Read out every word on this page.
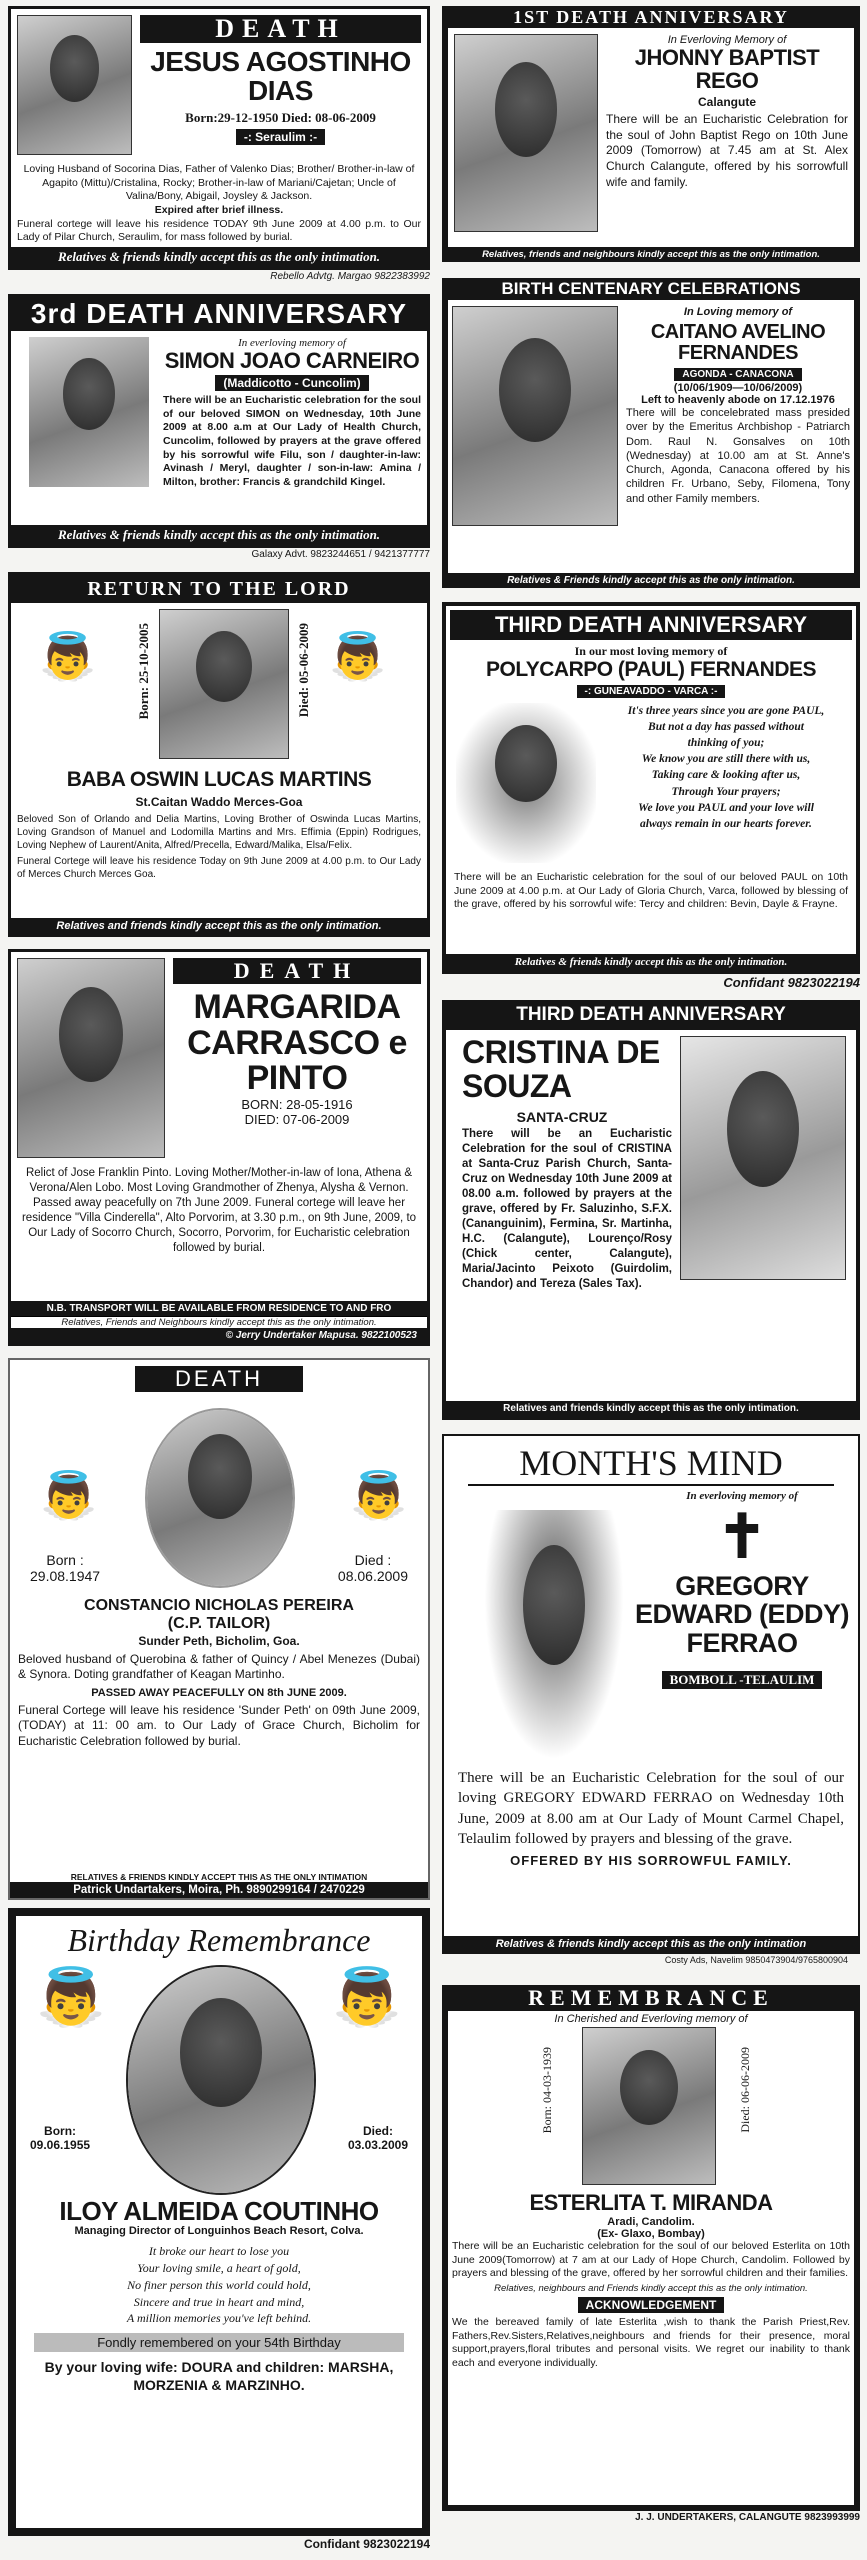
DEATH
JESUS AGOSTINHO DIAS
Born:29-12-1950 Died: 08-06-2009
-: Seraulim :-
Loving Husband of Socorina Dias, Father of Valenko Dias; Brother/ Brother-in-law of Agapito (Mittu)/Cristalina, Rocky; Brother-in-law of Mariani/Cajetan; Uncle of Valina/Bony, Abigail, Joysley & Jackson.
Expired after brief illness.
Funeral cortege will leave his residence TODAY 9th June 2009 at 4.00 p.m. to Our Lady of Pilar Church, Seraulim, for mass followed by burial.
Relatives & friends kindly accept this as the only intimation.
Rebello Advtg. Margao 9822383992
3rd DEATH ANNIVERSARY
In everloving memory of
SIMON JOAO CARNEIRO
(Maddicotto - Cuncolim)
There will be an Eucharistic celebration for the soul of our beloved SIMON on Wednesday, 10th June 2009 at 8.00 a.m at Our Lady of Health Church, Cuncolim, followed by prayers at the grave offered by his sorrowful wife Filu, son / daughter-in-law: Avinash / Meryl, daughter / son-in-law: Amina / Milton, brother: Francis & grandchild Kingel.
Relatives & friends kindly accept this as the only intimation.
Galaxy Advt. 9823244651 / 9421377777
RETURN TO THE LORD
👼	Born: 25-10-2005	Died: 05-06-2009 👼
BABA OSWIN LUCAS MARTINS
St.Caitan Waddo Merces-Goa
Beloved Son of Orlando and Delia Martins, Loving Brother of Oswinda Lucas Martins, Loving Grandson of Manuel and Lodomilla Martins and Mrs. Effimia (Eppin) Rodrigues, Loving Nephew of Laurent/Anita, Alfred/Precella, Edward/Malika, Elsa/Felix.
Funeral Cortege will leave his residence Today on 9th June 2009 at 4.00 p.m. to Our Lady of Merces Church Merces Goa.
Relatives and friends kindly accept this as the only intimation.
DEATH
MARGARIDA CARRASCO e PINTO
BORN: 28-05-1916
DIED: 07-06-2009
Relict of Jose Franklin Pinto. Loving Mother/Mother-in-law of Iona, Athena & Verona/Alen Lobo. Most Loving Grandmother of Zhenya, Alysha & Vernon. Passed away peacefully on 7th June 2009. Funeral cortege will leave her residence "Villa Cinderella", Alto Porvorim, at 3.30 p.m., on 9th June, 2009, to Our Lady of Socorro Church, Socorro, Porvorim, for Eucharistic celebration followed by burial.
N.B. TRANSPORT WILL BE AVAILABLE FROM RESIDENCE TO AND FRO
Relatives, Friends and Neighbours kindly accept this as the only intimation.
© Jerry Undertaker Mapusa. 9822100523
DEATH
👼	👼
Born :
29.08.1947
Died :
08.06.2009
CONSTANCIO NICHOLAS PEREIRA (C.P. TAILOR)
Sunder Peth, Bicholim, Goa.
Beloved husband of Querobina & father of Quincy / Abel Menezes (Dubai) & Synora. Doting grandfather of Keagan Martinho.
PASSED AWAY PEACEFULLY ON 8th JUNE 2009.
Funeral Cortege will leave his residence 'Sunder Peth' on 09th June 2009, (TODAY) at 11: 00 am. to Our Lady of Grace Church, Bicholim for Eucharistic Celebration followed by burial.
RELATIVES & FRIENDS KINDLY ACCEPT THIS AS THE ONLY INTIMATION
Patrick Undartakers, Moira, Ph. 9890299164 / 2470229
Birthday Remembrance
👼	👼
Born:
09.06.1955
Died:
03.03.2009
ILOY ALMEIDA COUTINHO
Managing Director of Longuinhos Beach Resort, Colva.
It broke our heart to lose you
Your loving smile, a heart of gold,
No finer person this world could hold,
Sincere and true in heart and mind,
A million memories you've left behind.
Fondly remembered on your 54th Birthday
By your loving wife: DOURA and children: MARSHA, MORZENIA & MARZINHO.
Confidant 9823022194
1ST DEATH ANNIVERSARY
In Everloving Memory of
JHONNY BAPTIST REGO
Calangute
There will be an Eucharistic Celebration for the soul of John Baptist Rego on 10th June 2009 (Tomorrow) at 7.45 am at St. Alex Church Calangute, offered by his sorrowfull wife and family.
Relatives, friends and neighbours kindly accept this as the only intimation.
BIRTH CENTENARY CELEBRATIONS
In Loving memory of
CAITANO AVELINO FERNANDES
AGONDA - CANACONA
(10/06/1909—10/06/2009)
Left to heavenly abode on 17.12.1976
There will be concelebrated mass presided over by the Emeritus Archbishop - Patriarch Dom. Raul N. Gonsalves on 10th (Wednesday) at 10.00 am at St. Anne's Church, Agonda, Canacona offered by his children Fr. Urbano, Seby, Filomena, Tony and other Family members.
Relatives & Friends kindly accept this as the only intimation.
THIRD DEATH ANNIVERSARY
In our most loving memory of
POLYCARPO (PAUL) FERNANDES
-: GUNEAVADDO - VARCA :-
It's three years since you are gone PAUL,
But not a day has passed without
thinking of you;
We know you are still there with us,
Taking care & looking after us,
Through Your prayers;
We love you PAUL and your love will
always remain in our hearts forever.
There will be an Eucharistic celebration for the soul of our beloved PAUL on 10th June 2009 at 4.00 p.m. at Our Lady of Gloria Church, Varca, followed by blessing of the grave, offered by his sorrowful wife: Tercy and children: Bevin, Dayle & Frayne.
Relatives & friends kindly accept this as the only intimation.
Confidant 9823022194
THIRD DEATH ANNIVERSARY
CRISTINA DE SOUZA
SANTA-CRUZ
There will be an Eucharistic Celebration for the soul of CRISTINA at Santa-Cruz Parish Church, Santa-Cruz on Wednesday 10th June 2009 at 08.00 a.m. followed by prayers at the grave, offered by Fr. Saluzinho, S.F.X. (Cananguinim), Fermina, Sr. Martinha, H.C. (Calangute), Lourenço/Rosy (Chick center, Calangute), Maria/Jacinto Peixoto (Guirdolim, Chandor) and Tereza (Sales Tax).
Relatives and friends kindly accept this as the only intimation.
MONTH'S MIND
In everloving memory of
✝
GREGORY EDWARD (EDDY) FERRAO
BOMBOLL -TELAULIM
There will be an Eucharistic Celebration for the soul of our loving GREGORY EDWARD FERRAO on Wednesday 10th June, 2009 at 8.00 am at Our Lady of Mount Carmel Chapel, Telaulim followed by prayers and blessing of the grave.
OFFERED BY HIS SORROWFUL FAMILY.
Relatives & friends kindly accept this as the only intimation
Costy Ads, Navelim 9850473904/9765800904
REMEMBRANCE
In Cherished and Everloving memory of
Born: 04-03-1939	Died: 06-06-2009
ESTERLITA T. MIRANDA
Aradi, Candolim.
(Ex- Glaxo, Bombay)
There will be an Eucharistic celebration for the soul of our beloved Esterlita on 10th June 2009(Tomorrow) at 7 am at our Lady of Hope Church, Candolim. Followed by prayers and blessing of the grave, offered by her sorrowful children and their families.
Relatives, neighbours and Friends kindly accept this as the only intimation.
ACKNOWLEDGEMENT
We the bereaved family of late Esterlita ,wish to thank the Parish Priest,Rev. Fathers,Rev.Sisters,Relatives,neighbours and friends for their presence, moral support,prayers,floral tributes and personal visits. We regret our inability to thank each and everyone individually.
J. J. UNDERTAKERS, CALANGUTE 9823993999
